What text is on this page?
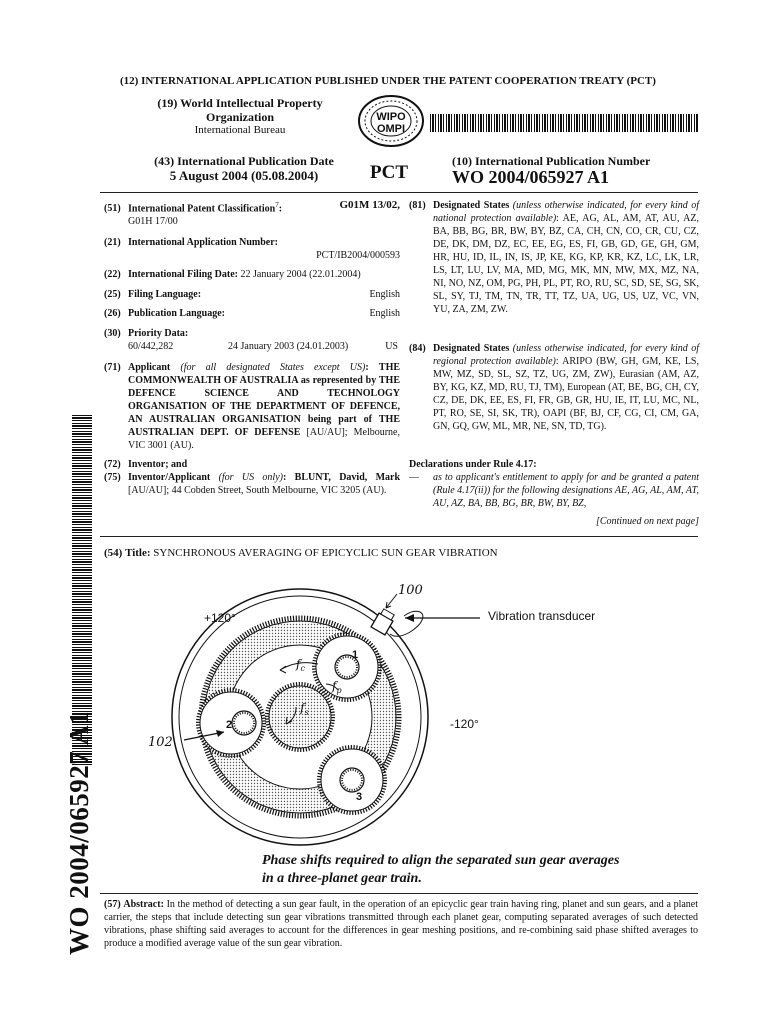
(12) INTERNATIONAL APPLICATION PUBLISHED UNDER THE PATENT COOPERATION TREATY (PCT)
(19) World Intellectual Property
Organization
International Bureau
WIPO
OMPI
(43) International Publication Date
5 August 2004 (05.08.2004)	PCT
(10) International Publication Number
WO 2004/065927 A1
(51) International Patent Classification$^7$:	G01M 13/02,
G01H 17/00
(21) International Application Number:
PCT/IB2004/000593
(22) International Filing Date: 22 January 2004 (22.01.2004)
(25) Filing Language:	English
(26) Publication Language:	English
(30) Priority Data:
60/442,282	24 January 2003 (24.01.2003)	US
(71) Applicant (for all designated States except US): THE COMMONWEALTH OF AUSTRALIA as represented by THE DEFENCE SCIENCE AND TECHNOLOGY ORGANISATION OF THE DEPARTMENT OF DEFENCE, AN AUSTRALIAN ORGANISATION being part of THE AUSTRALIAN DEPT. OF DEFENSE [AU/AU]; Melbourne, VIC 3001 (AU).
(72) Inventor; and
(75) Inventor/Applicant (for US only): BLUNT, David, Mark [AU/AU]; 44 Cobden Street, South Melbourne, VIC 3205 (AU).
(81) Designated States (unless otherwise indicated, for every kind of national protection available): AE, AG, AL, AM, AT, AU, AZ, BA, BB, BG, BR, BW, BY, BZ, CA, CH, CN, CO, CR, CU, CZ, DE, DK, DM, DZ, EC, EE, EG, ES, FI, GB, GD, GE, GH, GM, HR, HU, ID, IL, IN, IS, JP, KE, KG, KP, KR, KZ, LC, LK, LR, LS, LT, LU, LV, MA, MD, MG, MK, MN, MW, MX, MZ, NA, NI, NO, NZ, OM, PG, PH, PL, PT, RO, RU, SC, SD, SE, SG, SK, SL, SY, TJ, TM, TN, TR, TT, TZ, UA, UG, US, UZ, VC, VN, YU, ZA, ZM, ZW.
(84) Designated States (unless otherwise indicated, for every kind of regional protection available): ARIPO (BW, GH, GM, KE, LS, MW, MZ, SD, SL, SZ, TZ, UG, ZM, ZW), Eurasian (AM, AZ, BY, KG, KZ, MD, RU, TJ, TM), European (AT, BE, BG, CH, CY, CZ, DE, DK, EE, ES, FI, FR, GB, GR, HU, IE, IT, LU, MC, NL, PT, RO, SE, SI, SK, TR), OAPI (BF, BJ, CF, CG, CI, CM, GA, GN, GQ, GW, ML, MR, NE, SN, TD, TG).
Declarations under Rule 4.17:
—	as to applicant's entitlement to apply for and be granted a patent (Rule 4.17(ii)) for the following designations AE, AG, AL, AM, AT, AU, AZ, BA, BB, BG, BR, BW, BY, BZ,
[Continued on next page]
(54) Title: SYNCHRONOUS AVERAGING OF EPICYCLIC SUN GEAR VIBRATION
+120°
-120°
Vibration transducer
100
102
1
2
3
$f_c$
$f_p$
$f_s$
Phase shifts required to align the separated sun gear averages
in a three-planet gear train.
(57) Abstract: In the method of detecting a sun gear fault, in the operation of an epicyclic gear train having ring, planet and sun gears, and a planet carrier, the steps that include detecting sun gear vibrations transmitted through each planet gear, computing separated averages of such detected vibrations, phase shifting said averages to account for the differences in gear meshing positions, and re-combining said phase shifted averages to produce a modified average value of the sun gear vibration.
WO 2004/065927 A1
